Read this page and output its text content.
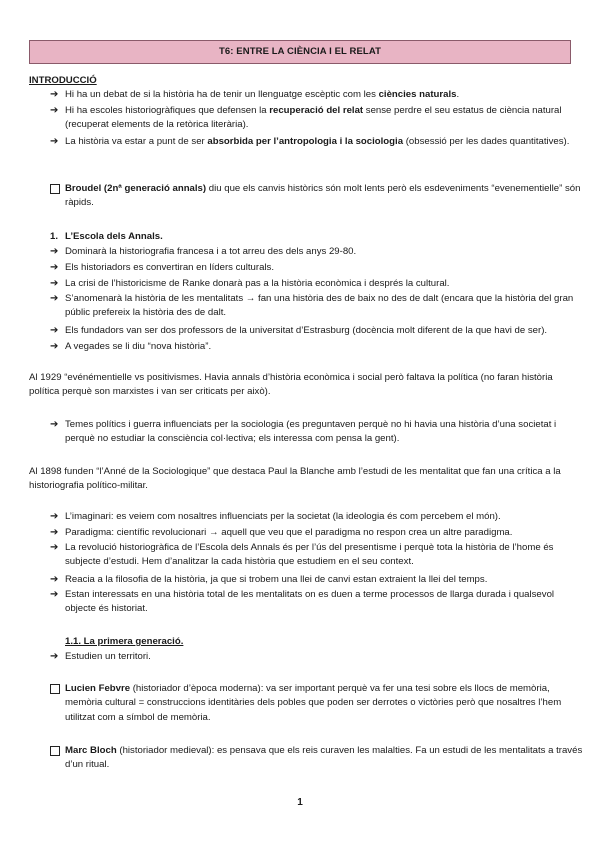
T6: ENTRE LA CIÈNCIA I EL RELAT
INTRODUCCIÓ
➔ Hi ha un debat de si la història ha de tenir un llenguatge escèptic com les ciències naturals.
➔ Hi ha escoles historiogràfiques que defensen la recuperació del relat sense perdre el seu estatus de ciència natural (recuperat elements de la retòrica literària).
➔ La història va estar a punt de ser absorbida per l’antropologia i la sociologia (obsessió per les dades quantitatives).
Broudel (2nª generació annals) diu que els canvis històrics són molt lents però els esdeveniments “evenementielle” són ràpids.
1. L’Escola dels Annals.
➔ Dominarà la historiografia francesa i a tot arreu des dels anys 29-80.
➔ Els historiadors es convertiran en líders culturals.
➔ La crisi de l’historicisme de Ranke donarà pas a la història econòmica i després la cultural.
➔ S’anomenarà la història de les mentalitats → fan una història des de baix no des de dalt (encara que la història del gran públic prefereix la història des de dalt.
➔ Els fundadors van ser dos professors de la universitat d’Estrasburg (docència molt diferent de la que havi de ser).
➔ A vegades se li diu “nova història”.
Al 1929 “evénémentielle vs positivismes. Havia annals d’història econòmica i social però faltava la política (no faran història política perquè son marxistes i van ser criticats per això).
➔ Temes polítics i guerra influenciats per la sociologia (es preguntaven perquè no hi havia una història d’una societat i perquè no estudiar la consciència col·lectiva; els interessa com pensa la gent).
Al 1898 funden “l’Anné de la Sociologique” que destaca Paul la Blanche amb l’estudi de les mentalitat que fan una crítica a la historiografia político-militar.
➔ L’imaginari: es veiem com nosaltres influenciats per la societat (la ideologia és com percebem el món).
➔ Paradigma: científic revolucionari → aquell que veu que el paradigma no respon crea un altre paradigma.
➔ La revolució historiogràfica de l’Escola dels Annals és per l’ús del presentisme i perquè tota la història de l’home és subjecte d’estudi. Hem d’analitzar la cada història que estudiem en el seu context.
➔ Reacia a la filosofia de la història, ja que si trobem una llei de canvi estan extraient la llei del temps.
➔ Estan interessats en una història total de les mentalitats on es duen a terme processos de llarga durada i qualsevol objecte és historiat.
1.1. La primera generació.
➔ Estudien un territori.
Lucien Febvre (historiador d’època moderna): va ser important perquè va fer una tesi sobre els llocs de memòria, memòria cultural = construccions identitàries dels pobles que poden ser derrotes o victòries però que nosaltres l’hem utilitzat com a símbol de memòria.
Marc Bloch (historiador medieval): es pensava que els reis curaven les malalties. Fa un estudi de les mentalitats a través d’un ritual.
1
